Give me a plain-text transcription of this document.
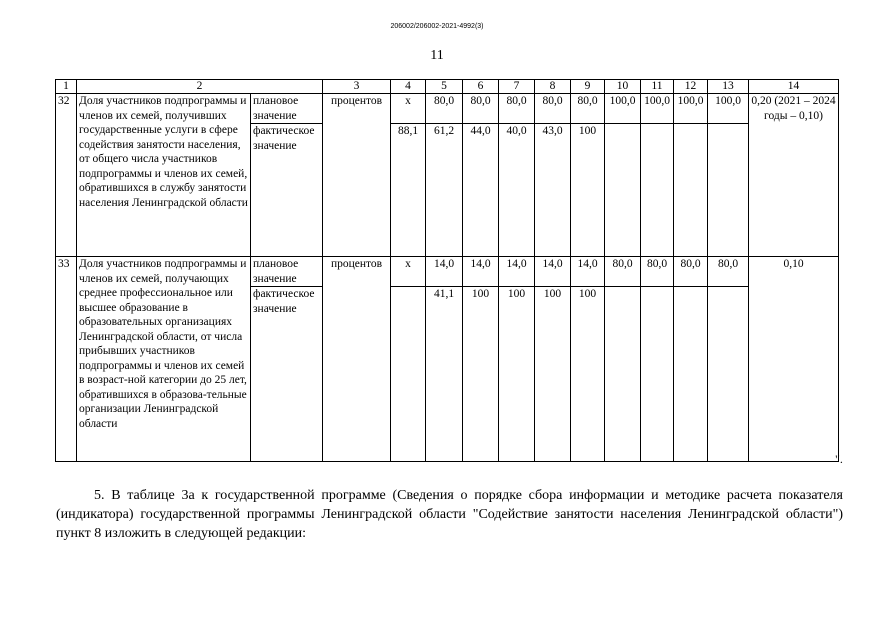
206002/206002-2021-4992(3)
11
1	2		3	4	5	6	7	8	9	10	11	12	13	14
32	Доля участников подпрограммы и членов их семей, получивших государственные услуги в сфере содействия занятости населения, от общего числа участников подпрограммы и членов их семей, обратившихся в службу занятости населения Ленинградской области	плановое значение	процентов	х	80,0	80,0	80,0	80,0	80,0	100,0	100,0	100,0	100,0	0,20 (2021 – 2024 годы – 0,10)
		фактическое значение		88,1	61,2	44,0	40,0	43,0	100					
33	Доля участников подпрограммы и членов их семей, получающих среднее профессиональное или высшее образование в образовательных организациях Ленинградской области, от числа прибывших участников подпрограммы и членов их семей в возраст-ной категории до 25 лет, обратившихся в образова-тельные организации Ленинградской области	плановое значение	процентов	х	14,0	14,0	14,0	14,0	14,0	80,0	80,0	80,0	80,0	0,10
		фактическое значение			41,1	100	100	100	100					
".
5. В таблице 3а к государственной программе (Сведения о порядке сбора информации и методике расчета показателя (индикатора) государственной программы Ленинградской области "Содействие занятости населения Ленинградской области") пункт 8 изложить в следующей редакции:
